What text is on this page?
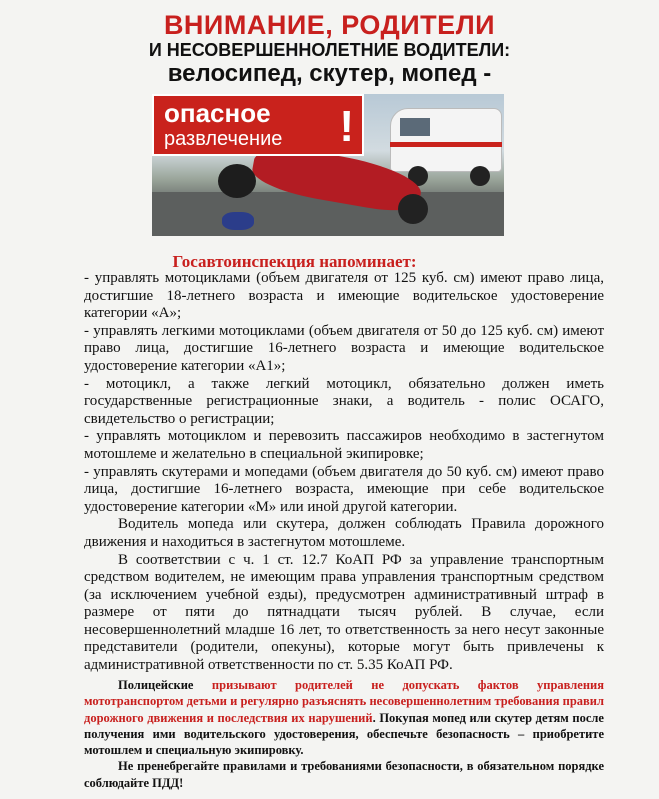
ВНИМАНИЕ, РОДИТЕЛИ
И НЕСОВЕРШЕННОЛЕТНИЕ ВОДИТЕЛИ:
велосипед, скутер, мопед -
опасное
развлечение !
Госавтоинспекция напоминает:

- управлять мотоциклами (объем двигателя от 125 куб. см) имеют право лица, достигшие 18-летнего возраста и имеющие водительское удостоверение категории «А»;

- управлять легкими мотоциклами (объем двигателя от 50 до 125 куб. см) имеют право лица, достигшие 16-летнего возраста и имеющие водительское удостоверение категории «А1»;

- мотоцикл, а также легкий мотоцикл, обязательно должен иметь государственные регистрационные знаки, а водитель - полис ОСАГО, свидетельство о регистрации;

- управлять мотоциклом и перевозить пассажиров необходимо в застегнутом мотошлеме и желательно в специальной экипировке;

- управлять скутерами и мопедами (объем двигателя до 50 куб. см) имеют право лица, достигшие 16-летнего возраста, имеющие при себе водительское удостоверение категории «М» или иной другой категории.

Водитель мопеда или скутера, должен соблюдать Правила дорожного движения и находиться в застегнутом мотошлеме.

В соответствии с ч. 1 ст. 12.7 КоАП РФ за управление транспортным средством водителем, не имеющим права управления транспортным средством (за исключением учебной езды), предусмотрен административный штраф в размере от пяти до пятнадцати тысяч рублей. В случае, если несовершеннолетний младше 16 лет, то ответственность за него несут законные представители (родители, опекуны), которые могут быть привлечены к административной ответственности по ст. 5.35 КоАП РФ.

Полицейские призывают родителей не допускать фактов управления мототранспортом детьми и регулярно разъяснять несовершеннолетним требования правил дорожного движения и последствия их нарушений. Покупая мопед или скутер детям после получения ими водительского удостоверения, обеспечьте безопасность – приобретите мотошлем и специальную экипировку.

Не пренебрегайте правилами и требованиями безопасности, в обязательном порядке соблюдайте ПДД!
